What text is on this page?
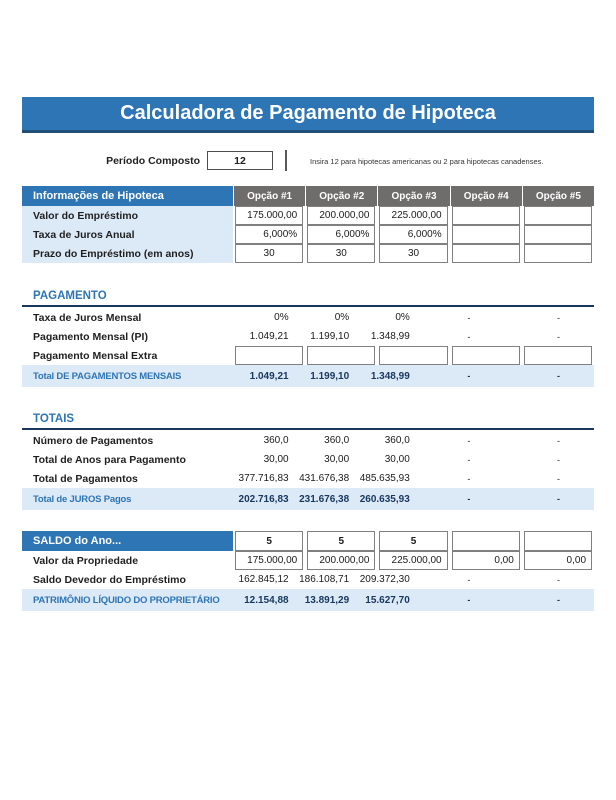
Calculadora de Pagamento de Hipoteca
Período Composto	12	Insira 12 para hipotecas americanas ou 2 para hipotecas canadenses.
Informações de Hipoteca	Opção #1	Opção #2	Opção #3	Opção #4	Opção #5
Valor do Empréstimo	175.000,00	200.000,00	225.000,00
Taxa de Juros Anual	6,000%	6,000%	6,000%
Prazo do Empréstimo (em anos)	30	30	30
PAGAMENTO
Taxa de Juros Mensal	0%	0%	0%	-	-
Pagamento Mensal (PI)	1.049,21	1.199,10	1.348,99	-	-
Pagamento Mensal Extra
Total DE PAGAMENTOS MENSAIS	1.049,21	1.199,10	1.348,99	-	-
TOTAIS
Número de Pagamentos	360,0	360,0	360,0	-	-
Total de Anos para Pagamento	30,00	30,00	30,00	-	-
Total de Pagamentos	377.716,83	431.676,38	485.635,93	-	-
Total de JUROS Pagos	202.716,83	231.676,38	260.635,93	-	-
SALDO do Ano...	5	5	5
Valor da Propriedade	175.000,00	200.000,00	225.000,00	0,00	0,00
Saldo Devedor do Empréstimo	162.845,12	186.108,71	209.372,30	-	-
PATRIMÔNIO LÍQUIDO DO PROPRIETÁRIO	12.154,88	13.891,29	15.627,70	-	-
